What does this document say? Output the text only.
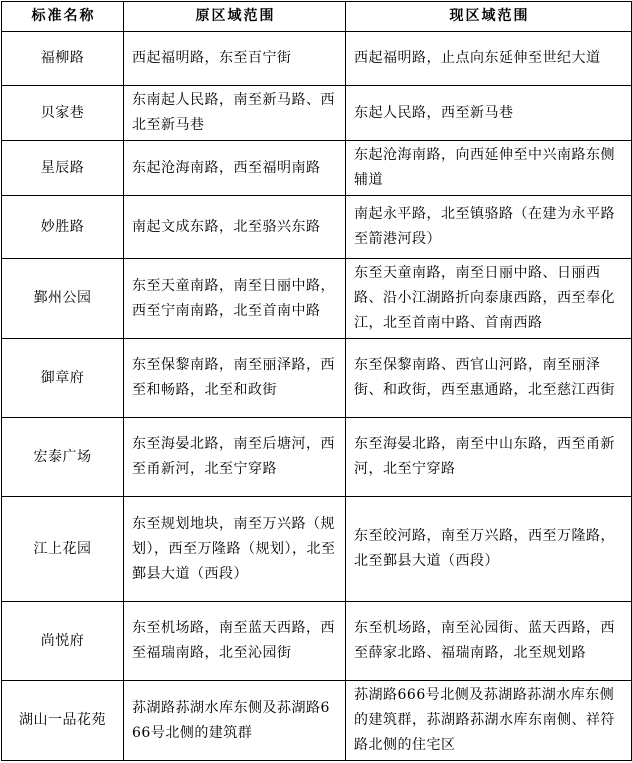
标准名称	原区域范围	现区域范围
福柳路	西起福明路，东至百宁街	西起福明路，止点向东延伸至世纪大道
贝家巷	东南起人民路，南至新马路、西北至新马巷	东起人民路，西至新马巷
星辰路	东起沧海南路，西至福明南路	东起沧海南路，向西延伸至中兴南路东侧辅道
妙胜路	南起文成东路，北至骆兴东路	南起永平路，北至镇骆路（在建为永平路至箭港河段）
鄞州公园	东至天童南路，南至日丽中路，西至宁南南路，北至首南中路	东至天童南路，南至日丽中路、日丽西路、沿小江湖路折向泰康西路，西至奉化江，北至首南中路、首南西路
御章府	东至保黎南路，南至丽泽路，西至和畅路，北至和政街	东至保黎南路、西官山河路，南至丽泽街、和政街，西至惠通路，北至慈江西街
宏泰广场	东至海晏北路，南至后塘河，西至甬新河，北至宁穿路	东至海晏北路，南至中山东路，西至甬新河，北至宁穿路
江上花园	东至规划地块，南至万兴路（规划），西至万隆路（规划），北至鄞县大道（西段）	东至皎河路，南至万兴路，西至万隆路，北至鄞县大道（西段）
尚悦府	东至机场路，南至蓝天西路，西至福瑞南路，北至沁园街	东至机场路，南至沁园街、蓝天西路，西至薛家北路、福瑞南路，北至规划路
湖山一品花苑	荪湖路荪湖水库东侧及荪湖路666号北侧的建筑群	荪湖路666号北侧及荪湖路荪湖水库东侧的建筑群，荪湖路荪湖水库东南侧、祥符路北侧的住宅区
